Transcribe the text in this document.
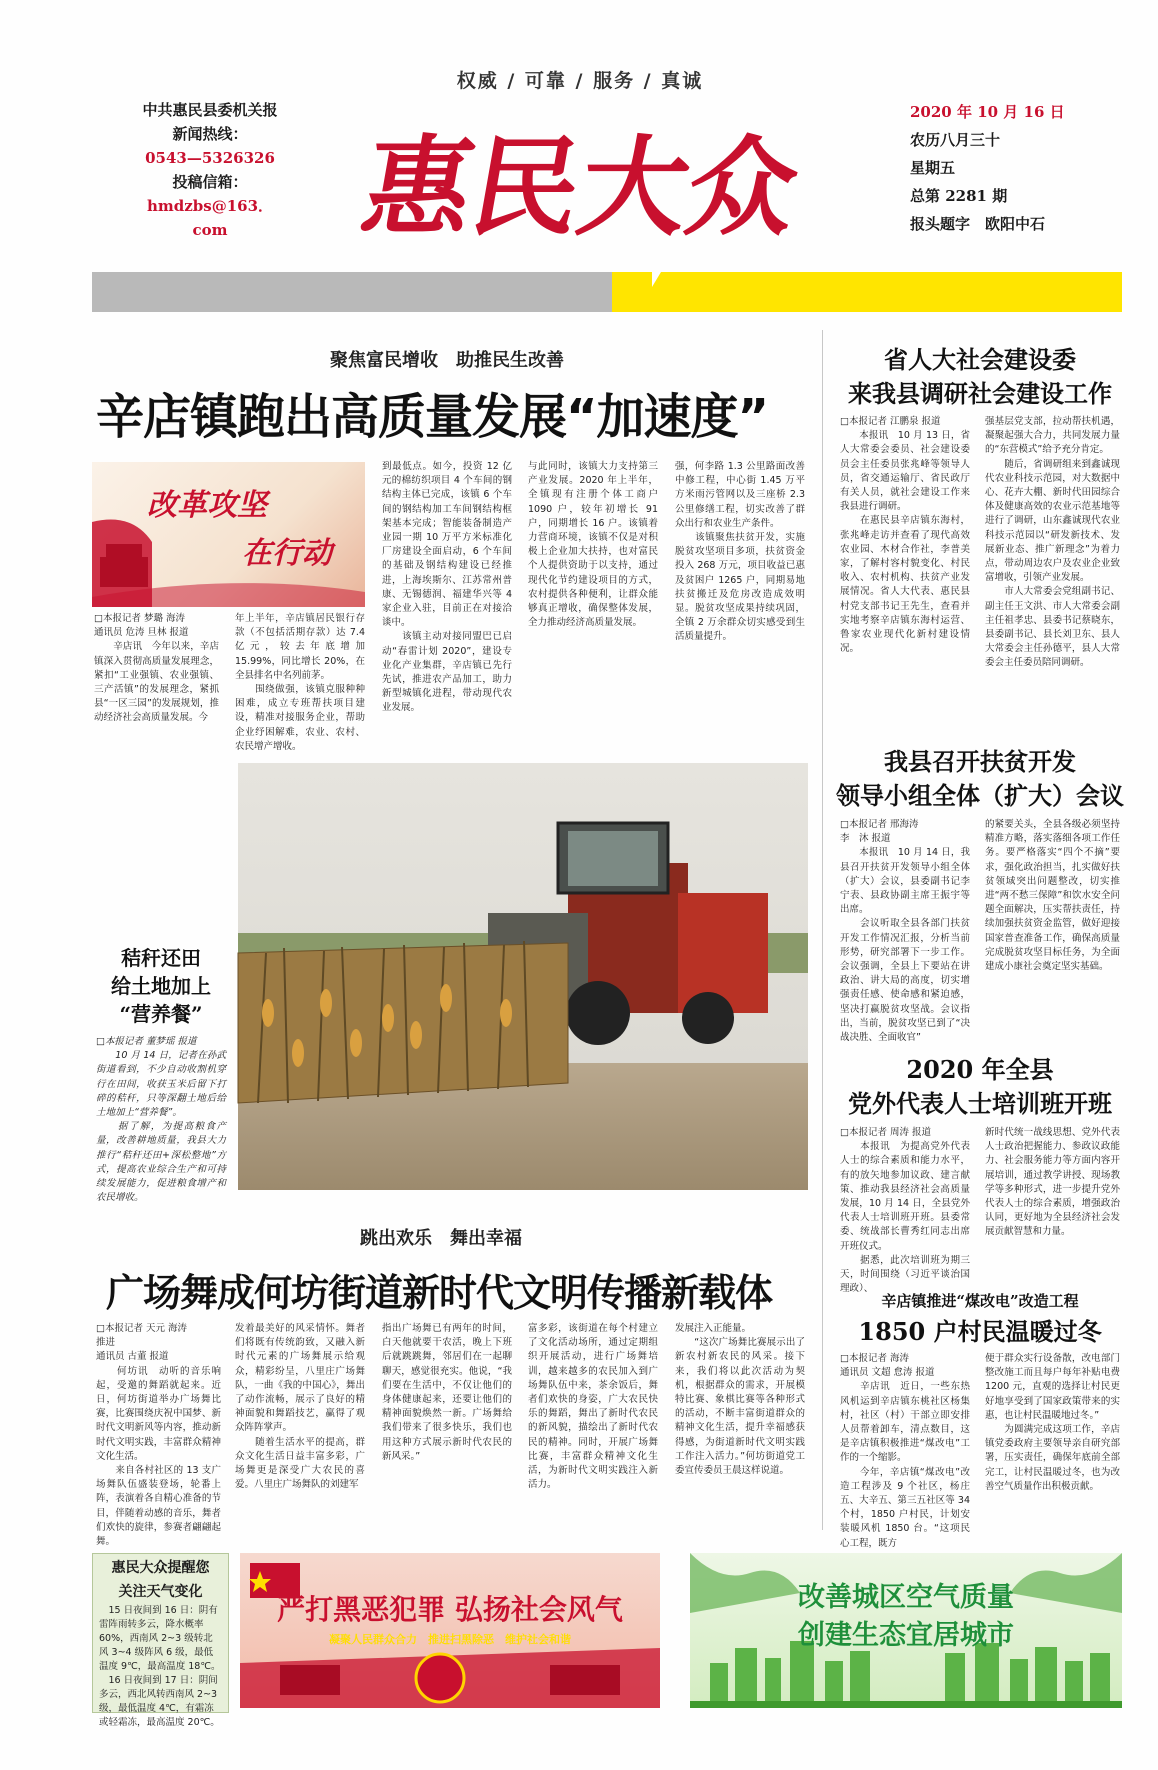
权威 / 可靠 / 服务 / 真诚
中共惠民县委机关报
新闻热线：
0543—5326326
投稿信箱：
hmdzbs@163．com	惠民大众
2020 年 10 月 16 日
农历八月三十
星期五
总第 2281 期
报头题字　欧阳中石
聚焦富民增收　助推民生改善
辛店镇跑出高质量发展“加速度”
改革攻坚
在行动
□本报记者 梦璐 海涛
通讯员 危涛 旦林 报道
　　辛店讯　今年以来，辛店镇深入贯彻高质量发展理念，紧扣“工业强镇、农业强镇、三产活镇”的发展理念，紧抓县“一区三园”的发展规划，推动经济社会高质量发展。今
年上半年，辛店镇居民银行存款（不包括活期存款）达 7.4 亿元，较去年底增加 15.99%，同比增长 20%，在全县排名中名列前茅。
　　围绕做强，该镇克服种种困难，成立专班帮扶项目建设，精准对接服务企业，帮助企业纾困解难，农业、农村、农民增产增收。
到最低点。如今，投资 12 亿元的棉纺织项目 4 个车间的钢结构主体已完成，该镇 6 个车间的钢结构加工车间钢结构框架基本完成；智能装备制造产业园一期 10 万平方米标准化厂房建设全面启动，6 个车间的基础及钢结构建设已经推进，上海埃斯尔、江苏常州普康、无锡德润、福建华兴等 4 家企业入驻，目前正在对接洽谈中。
　　该镇主动对接同盟巴已启动“春雷计划 2020”，建设专业化产业集群，辛店镇已先行先试，推进农产品加工，助力新型城镇化进程，带动现代农业发展。
与此同时，该镇大力支持第三产业发展。2020 年上半年，全镇现有注册个体工商户 1090 户，较年初增长 91 户，同期增长 16 户。该镇着力营商环境，该镇不仅是对积极上企业加大扶持，也对富民个人提供资助于以支持，通过现代化节约建设项目的方式，农村提供各种便利，让群众能够真正增收，确保整体发展，全力推动经济高质量发展。
强，何李路 1.3 公里路面改善中修工程，中心街 1.45 万平方米雨污管网以及三座桥 2.3 公里修缮工程，切实改善了群众出行和农业生产条件。
　　该镇聚焦扶贫开发，实施脱贫攻坚项目多项，扶贫资金投入 268 万元，项目收益已惠及贫困户 1265 户，同期易地扶贫搬迁及危房改造成效明显。脱贫攻坚成果持续巩固，全镇 2 万余群众切实感受到生活质量提升。
省人大社会建设委
来我县调研社会建设工作
□本报记者 江鹏泉 报道
　　本报讯　10 月 13 日，省人大常委会委员、社会建设委员会主任委员张兆峰等领导人员，省交通运输厅、省民政厅有关人员，就社会建设工作来我县进行调研。
　　在惠民县辛店镇东海村，张兆峰走访并查看了现代高效农业园、木材合作社，李普美家，了解村容村貌变化、村民收入、农村机构、扶贫产业发展情况。省人大代表、惠民县村党支部书记王先生，查看并实地考察辛店镇东海村运营、鲁家农业现代化新村建设情况。
强基层党支部，拉动帮扶机遇，凝聚起强大合力，共同发展力量的“东营模式”给予充分肯定。
　　随后，省调研组来到鑫诚现代农业科技示范园，对大数据中心、花卉大棚、新时代田园综合体及健康高效的农业示范基地等进行了调研，山东鑫诚现代农业科技示范园以“研发新技术、发展新业态、推广新理念”为着力点，带动周边农户及农业企业致富增收，引领产业发展。
　　市人大常委会党组副书记、副主任王文洪、市人大常委会副主任祖孝忠、县委书记蔡晓东，县委副书记、县长刘卫东、县人大常委会主任孙德平，县人大常委会主任委员陪同调研。
我县召开扶贫开发
领导小组全体（扩大）会议
□本报记者 邢海涛
李　沐 报道
　　本报讯　10 月 14 日，我县召开扶贫开发领导小组全体（扩大）会议，县委副书记李宁表、县政协副主席王振宇等出席。
　　会议听取全县各部门扶贫开发工作情况汇报，分析当前形势，研究部署下一步工作。会议强调，全县上下要站在讲政治、讲大局的高度，切实增强责任感、使命感和紧迫感，坚决打赢脱贫攻坚战。会议指出，当前，脱贫攻坚已到了“决战决胜、全面收官”
的紧要关头，全县各级必须坚持精准方略，落实落细各项工作任务。要严格落实“四个不摘”要求，强化政治担当，扎实做好扶贫领域突出问题整改，切实推进“两不愁三保障”和饮水安全问题全面解决，压实帮扶责任，持续加强扶贫资金监管，做好迎接国家普查准备工作，确保高质量完成脱贫攻坚目标任务，为全面建成小康社会奠定坚实基础。
2020 年全县
党外代表人士培训班开班
□本报记者 周涛 报道
　　本报讯　为提高党外代表人士的综合素质和能力水平，有的放矢地参加议政、建言献策、推动我县经济社会高质量发展，10 月 14 日，全县党外代表人士培训班开班。县委常委、统战部长曹秀红同志出席开班仪式。
　　据悉，此次培训班为期三天，时间围绕（习近平谈治国理政）、
新时代统一战线思想、党外代表人士政治把握能力、参政议政能力、社会服务能力等方面内容开展培训，通过教学讲授、现场教学等多种形式，进一步提升党外代表人士的综合素质，增强政治认同，更好地为全县经济社会发展贡献智慧和力量。
秸秆还田
给土地加上
“营养餐”
□本报记者 董梦瑶 报道
　　10 月 14 日，记者在孙武街道看到，不少自动收割机穿行在田间，收获玉米后留下打碎的秸秆，只等深翻土地后给土地加上“营养餐”。
　　据了解，为提高粮食产量，改善耕地质量，我县大力推行“秸秆还田+深松整地”方式，提高农业综合生产和可持续发展能力，促进粮食增产和农民增收。
跳出欢乐　舞出幸福
广场舞成何坊街道新时代文明传播新载体
□本报记者 天元 海涛
推进
通讯员 古董 报道
　　何坊讯　动听的音乐响起，受邀的舞蹈就起来。近日，何坊街道举办广场舞比赛，比赛围绕庆祝中国梦、新时代文明新风等内容，推动新时代文明实践，丰富群众精神文化生活。
　　来自各村社区的 13 支广场舞队伍盛装登场，轮番上阵，表演着各自精心准备的节目，伴随着动感的音乐，舞者们欢快的旋律，参赛者翩翩起舞。
发着最美好的风采情怀。舞者们将既有传统韵致，又融入新时代元素的广场舞展示给观众，精彩纷呈，八里庄广场舞队，一曲《我的中国心》，舞出了动作流畅，展示了良好的精神面貌和舞蹈技艺，赢得了观众阵阵掌声。
　　随着生活水平的提高，群众文化生活日益丰富多彩，广场舞更是深受广大农民的喜爱。八里庄广场舞队的刘建军
指出广场舞已有两年的时间，白天他就要干农活，晚上下班后就跳跳舞，邻居们在一起聊聊天，感觉很充实。他说，“我们要在生活中，不仅让他们的身体健康起来，还要让他们的精神面貌焕然一新。广场舞给我们带来了很多快乐，我们也用这种方式展示新时代农民的新风采。”
富多彩，该街道在每个村建立了文化活动场所，通过定期组织开展活动，进行广场舞培训，越来越多的农民加入到广场舞队伍中来，茶余饭后，舞者们欢快的身姿，广大农民快乐的舞蹈，舞出了新时代农民的新风貌，描绘出了新时代农民的精神。同时，开展广场舞比赛，丰富群众精神文化生活，为新时代文明实践注入新活力。
发展注入正能量。
　　“这次广场舞比赛展示出了新农村新农民的风采。接下来，我们将以此次活动为契机，根据群众的需求，开展模特比赛、象棋比赛等各种形式的活动，不断丰富街道群众的精神文化生活，提升幸福感获得感，为街道新时代文明实践工作注入活力。”何坊街道党工委宣传委员王晨这样说道。
辛店镇推进“煤改电”改造工程
1850 户村民温暖过冬
□本报记者 海涛
通讯员 文超 怠涛 报道
　　辛店讯　近日，一些东热风机运到辛店镇东桃社区杨集村，社区（村）干部立即安排人员帮着卸车，清点数目，这是辛店镇积极推进“煤改电”工作的一个缩影。
　　今年，辛店镇“煤改电”改造工程涉及 9 个社区，杨庄五、大辛五、第三五社区等 34 个村，1850 户村民，计划安装暖风机 1850 台。“这项民心工程，既方
便于群众实行设备散，改电部门整改施工而且每户每年补贴电费 1200 元，直观的选择让村民更好地享受到了国家政策带来的实惠，也让村民温暖地过冬。”
　　为圆满完成这项工作，辛店镇党委政府主要领导亲自研究部署，压实责任，确保年底前全部完工，让村民温暖过冬，也为改善空气质量作出积极贡献。
惠民大众提醒您
关注天气变化
　15 日夜间到 16 日：阴有雷阵雨转多云，降水概率 60%，西南风 2~3 级转北风 3~4 级阵风 6 级，最低温度 9℃，最高温度 18℃。
　16 日夜间到 17 日：阴间多云，西北风转西南风 2~3 级，最低温度 4℃，有霜冻或轻霜冻，最高温度 20℃。
严打黑恶犯罪 弘扬社会风气
凝聚人民群众合力　推进扫黑除恶　维护社会和谐
改善城区空气质量
创建生态宜居城市
